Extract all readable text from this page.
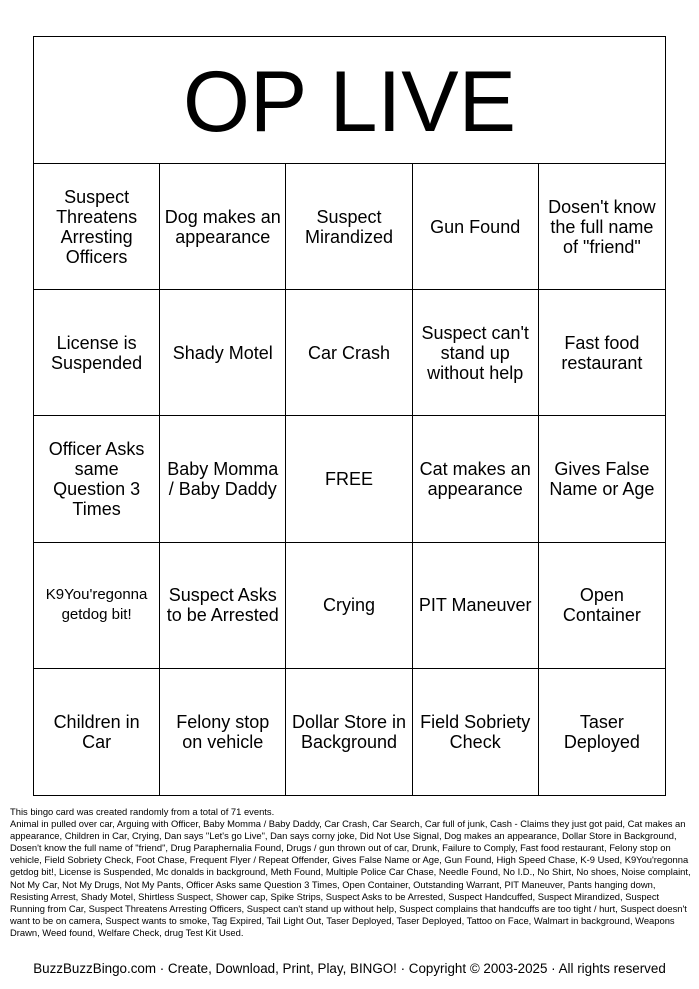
OP LIVE
Suspect Threatens Arresting Officers
Dog makes an appearance
Suspect Mirandized	Gun Found
Dosen't know the full name of "friend"
License is Suspended	Shady Motel	Car Crash
Suspect can't stand up without help
Fast food restaurant
Officer Asks same Question 3 Times
Baby Momma / Baby Daddy	FREE	Cat makes an appearance
Gives False Name or Age
K9You'regonna getdog bit!
Suspect Asks to be Arrested	Crying	PIT Maneuver	Open Container
Children in Car
Felony stop on vehicle
Dollar Store in Background
Field Sobriety Check
Taser Deployed

This bingo card was created randomly from a total of 71 events.

Animal in pulled over car, Arguing with Officer, Baby Momma / Baby Daddy, Car Crash, Car Search, Car full of junk, Cash - Claims they just got paid, Cat makes an appearance, Children in Car, Crying, Dan says "Let's go Live", Dan says corny joke, Did Not Use Signal, Dog makes an appearance, Dollar Store in Background, Dosen't know the full name of "friend", Drug Paraphernalia Found, Drugs / gun thrown out of car, Drunk, Failure to Comply, Fast food restaurant, Felony stop on vehicle, Field Sobriety Check, Foot Chase, Frequent Flyer / Repeat Offender, Gives False Name or Age, Gun Found, High Speed Chase, K-9 Used, K9You'regonna getdog bit!, License is Suspended, Mc donalds in background, Meth Found, Multiple Police Car Chase, Needle Found, No I.D., No Shirt, No shoes, Noise complaint, Not My Car, Not My Drugs, Not My Pants, Officer Asks same Question 3 Times, Open Container, Outstanding Warrant, PIT Maneuver, Pants hanging down, Resisting Arrest, Shady Motel, Shirtless Suspect, Shower cap, Spike Strips, Suspect Asks to be Arrested, Suspect Handcuffed, Suspect Mirandized, Suspect Running from Car, Suspect Threatens Arresting Officers, Suspect can't stand up without help, Suspect complains that handcuffs are too tight / hurt, Suspect doesn't want to be on camera, Suspect wants to smoke, Tag Expired, Tail Light Out, Taser Deployed, Taser Deployed, Tattoo on Face, Walmart in background, Weapons Drawn, Weed found, Welfare Check, drug Test Kit Used.

BuzzBuzzBingo.com · Create, Download, Print, Play, BINGO! · Copyright © 2003-2025 · All rights reserved
